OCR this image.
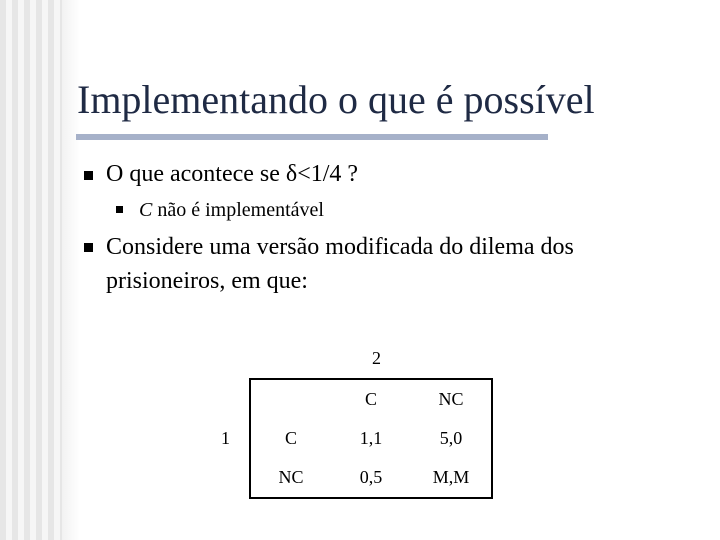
Implementando o que é possível
O que acontece se δ<1/4 ?
C não é implementável
Considere uma versão modificada do dilema dos
prisioneiros, em que:
2
1
	C	NC
C	1,1	5,0
NC	0,5	M,M
